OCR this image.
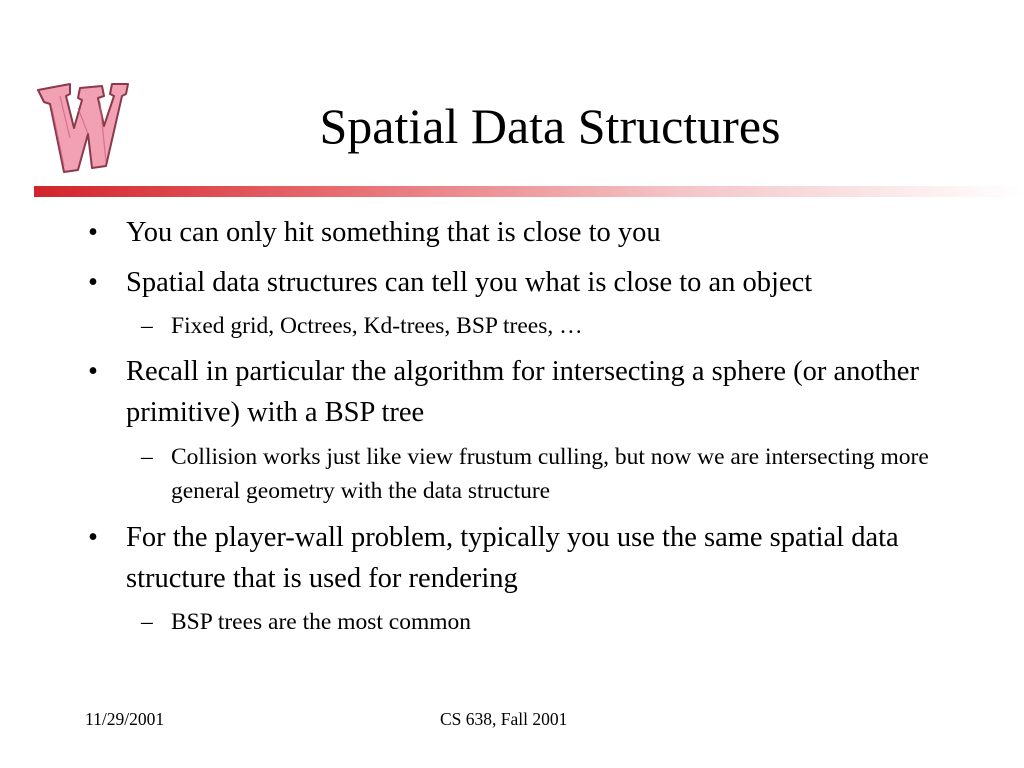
Spatial Data Structures
• You can only hit something that is close to you
• Spatial data structures can tell you what is close to an object
– Fixed grid, Octrees, Kd-trees, BSP trees, …
• Recall in particular the algorithm for intersecting a sphere (or another primitive) with a BSP tree
– Collision works just like view frustum culling, but now we are intersecting more general geometry with the data structure
• For the player-wall problem, typically you use the same spatial data structure that is used for rendering
– BSP trees are the most common
11/29/2001	CS 638, Fall 2001
